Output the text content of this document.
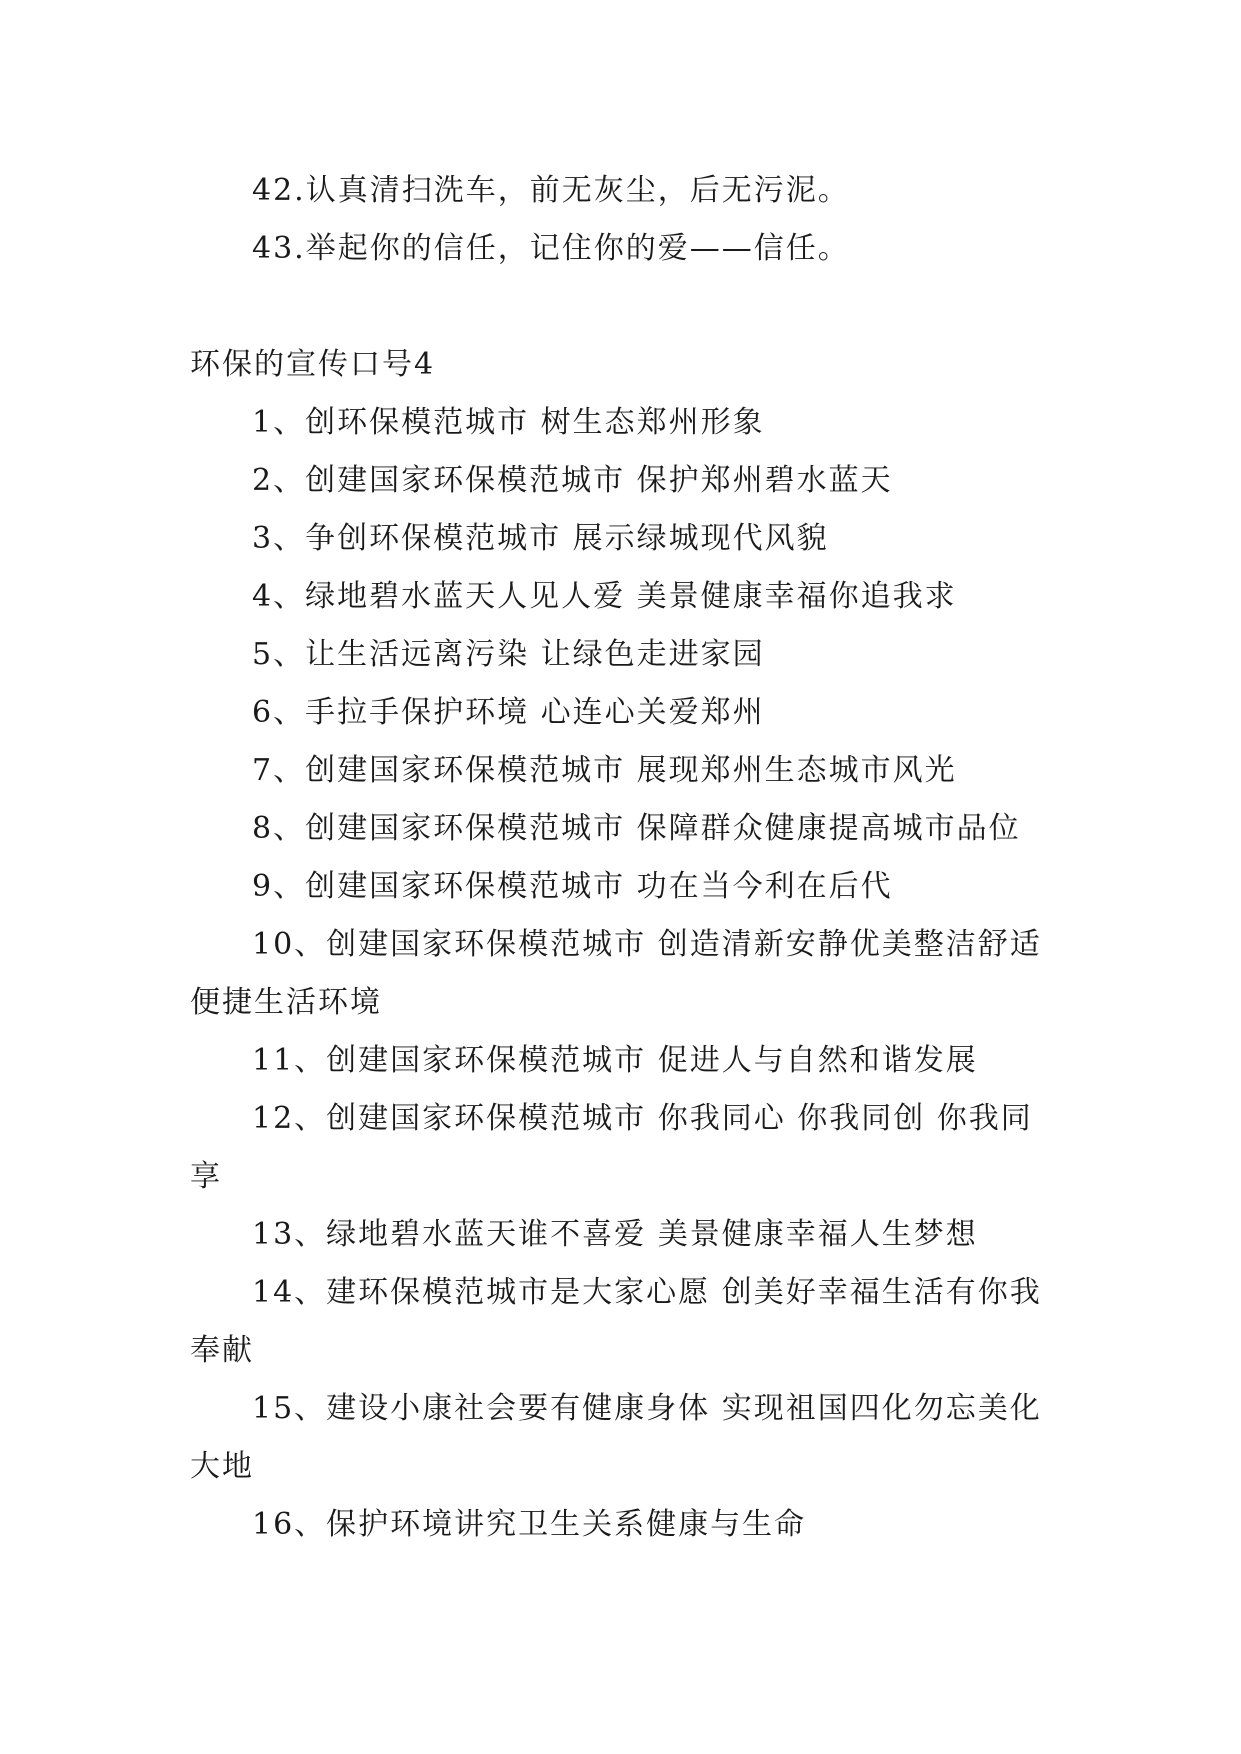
42.认真清扫洗车，前无灰尘，后无污泥。

43.举起你的信任，记住你的爱——信任。

环保的宣传口号4

1、创环保模范城市 树生态郑州形象

2、创建国家环保模范城市 保护郑州碧水蓝天

3、争创环保模范城市 展示绿城现代风貌

4、绿地碧水蓝天人见人爱 美景健康幸福你追我求

5、让生活远离污染 让绿色走进家园

6、手拉手保护环境 心连心关爱郑州

7、创建国家环保模范城市 展现郑州生态城市风光

8、创建国家环保模范城市 保障群众健康提高城市品位

9、创建国家环保模范城市 功在当今利在后代

10、创建国家环保模范城市 创造清新安静优美整洁舒适便捷生活环境

11、创建国家环保模范城市 促进人与自然和谐发展

12、创建国家环保模范城市 你我同心 你我同创 你我同享

13、绿地碧水蓝天谁不喜爱 美景健康幸福人生梦想

14、建环保模范城市是大家心愿 创美好幸福生活有你我奉献

15、建设小康社会要有健康身体 实现祖国四化勿忘美化大地

16、保护环境讲究卫生关系健康与生命
